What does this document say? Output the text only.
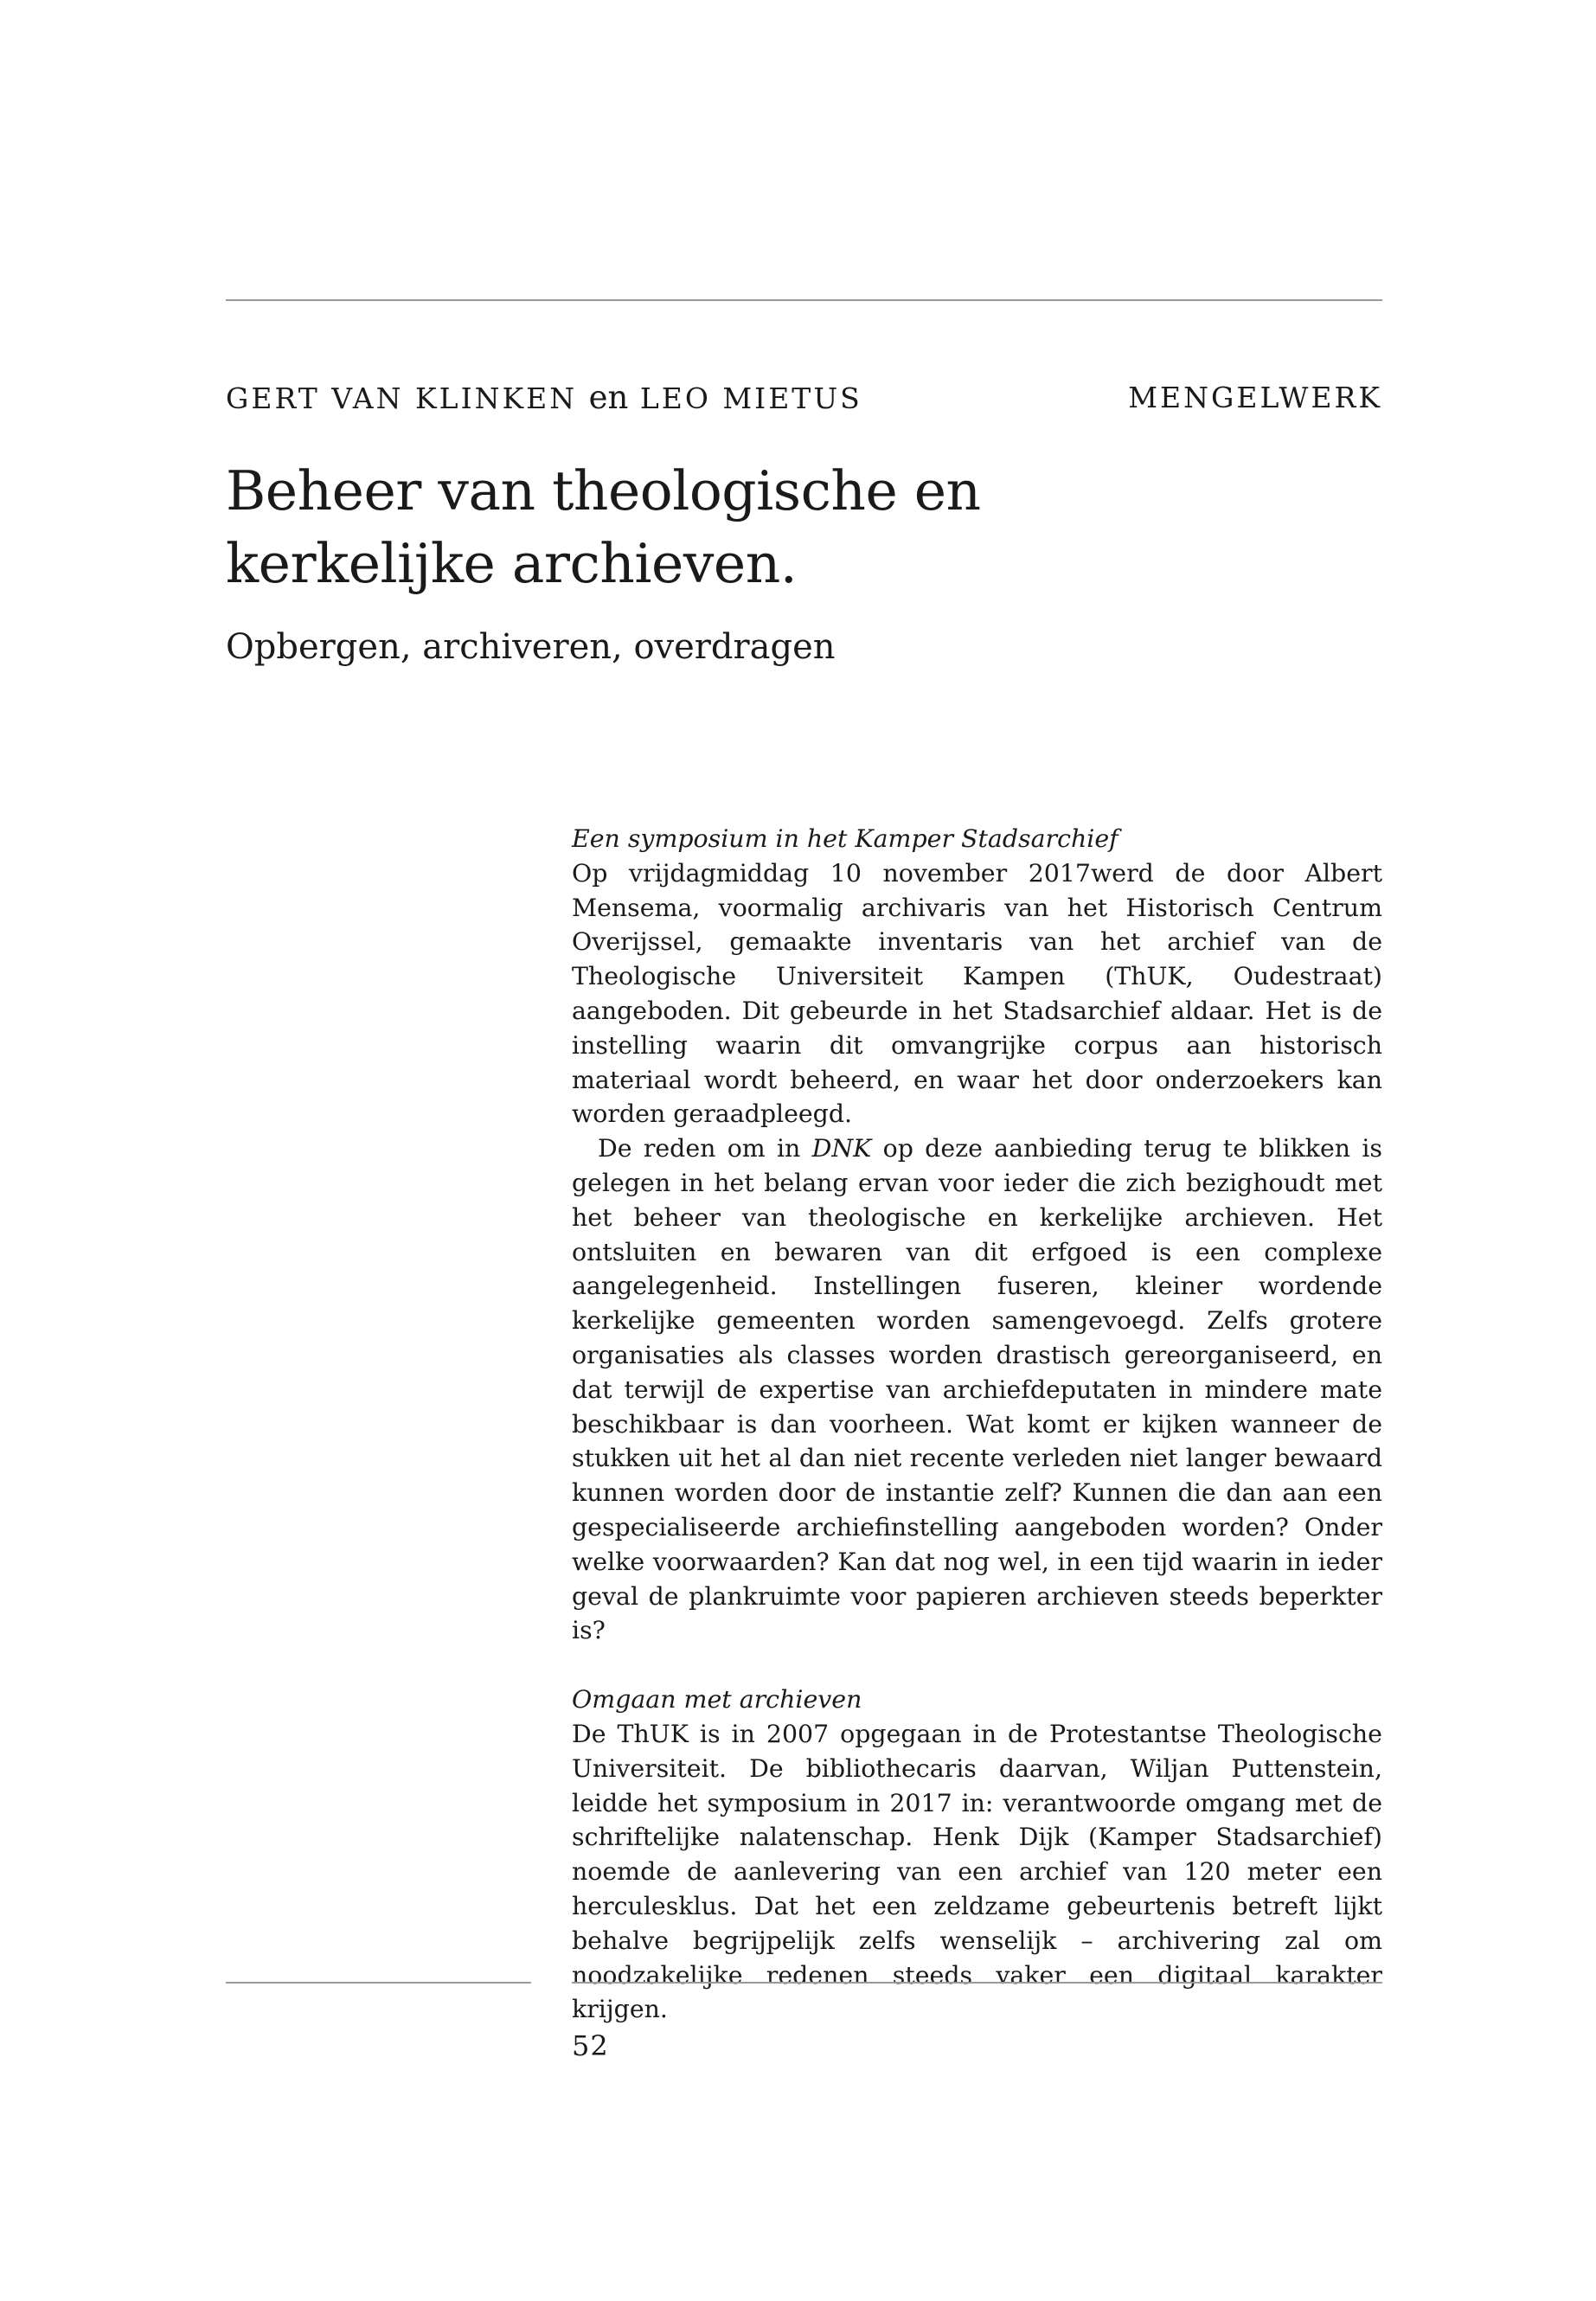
GERT VAN KLINKEN en LEO MIETUS	MENGELWERK
Beheer van theologische en
kerkelijke archieven.
Opbergen, archiveren, overdragen
Een symposium in het Kamper Stadsarchief

Op vrijdagmiddag 10 november 2017werd de door Albert Mensema, voormalig archivaris van het Historisch Centrum Overijssel, gemaakte inventaris van het archief van de Theologische Universiteit Kampen (ThUK, Oudestraat) aangeboden. Dit gebeurde in het Stadsarchief aldaar. Het is de instelling waarin dit omvangrijke corpus aan historisch materiaal wordt beheerd, en waar het door onderzoekers kan worden geraadpleegd.

De reden om in DNK op deze aanbieding terug te blikken is gelegen in het belang ervan voor ieder die zich bezighoudt met het beheer van theologische en kerkelijke archieven. Het ontsluiten en bewaren van dit erfgoed is een complexe aangelegenheid. Instellingen fuseren, kleiner wordende kerkelijke gemeenten worden samengevoegd. Zelfs grotere organisaties als classes worden drastisch gereorganiseerd, en dat terwijl de expertise van archiefdeputaten in mindere mate beschikbaar is dan voorheen. Wat komt er kijken wanneer de stukken uit het al dan niet recente verleden niet langer bewaard kunnen worden door de instantie zelf? Kunnen die dan aan een gespecialiseerde archiefinstelling aangeboden worden? Onder welke voorwaarden? Kan dat nog wel, in een tijd waarin in ieder geval de plankruimte voor papieren archieven steeds beperkter is?

Omgaan met archieven

De ThUK is in 2007 opgegaan in de Protestantse Theologische Universiteit. De bibliothecaris daarvan, Wiljan Puttenstein, leidde het symposium in 2017 in: verantwoorde omgang met de schriftelijke nalatenschap. Henk Dijk (Kamper Stadsarchief) noemde de aanlevering van een archief van 120 meter een herculesklus. Dat het een zeldzame gebeurtenis betreft lijkt behalve begrijpelijk zelfs wenselijk – archivering zal om noodzakelijke redenen steeds vaker een digitaal karakter krijgen.

52
